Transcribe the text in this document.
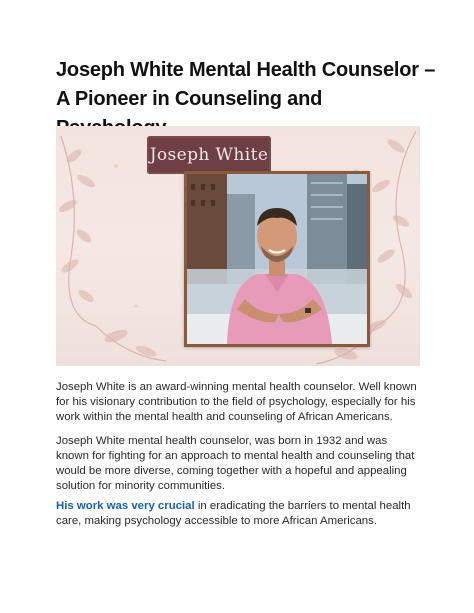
Joseph White Mental Health Counselor – A Pioneer in Counseling and
Joseph White

Joseph White is an award-winning mental health counselor. Well known for his visionary contribution to the field of psychology, especially for his work within the mental health and counseling of African Americans.

Joseph White mental health counselor, was born in 1932 and was known for fighting for an approach to mental health and counseling that would be more diverse, coming together with a hopeful and appealing solution for minority communities.

His work was very crucial in eradicating the barriers to mental health care, making psychology accessible to more African Americans.
